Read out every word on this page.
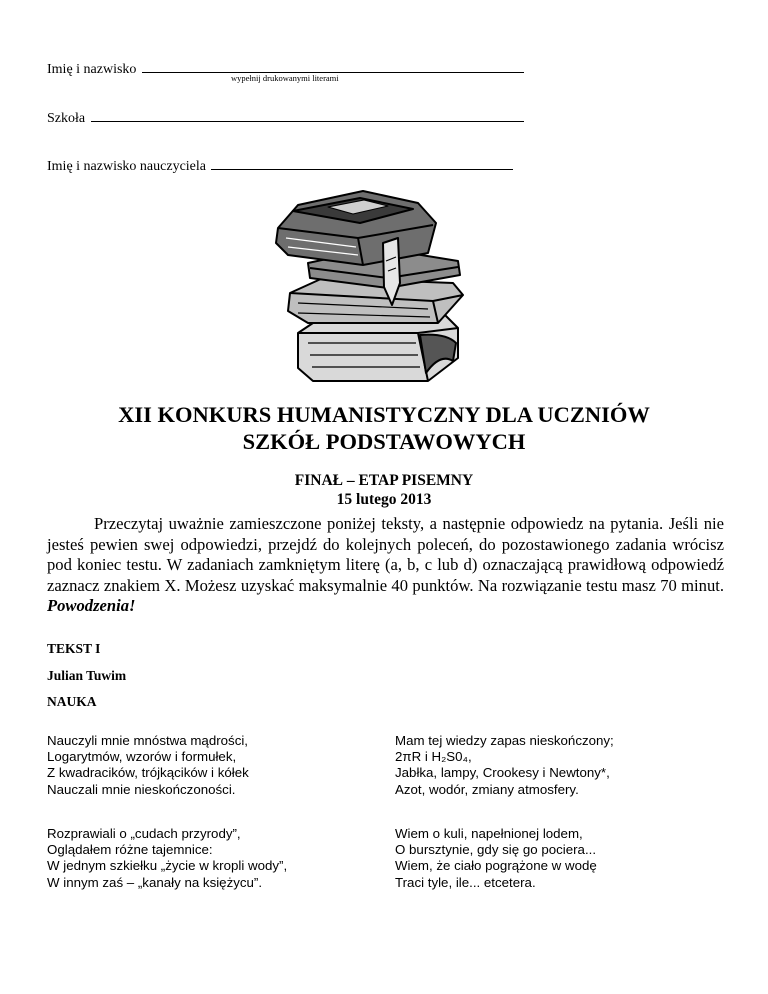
Imię i nazwisko
wypełnij drukowanymi literami
Szkoła
Imię i nazwisko nauczyciela
XII KONKURS HUMANISTYCZNY DLA UCZNIÓW
SZKÓŁ PODSTAWOWYCH
FINAŁ – ETAP PISEMNY
15 lutego 2013

Przeczytaj uważnie zamieszczone poniżej teksty, a następnie odpowiedz na pytania. Jeśli nie jesteś pewien swej odpowiedzi, przejdź do kolejnych poleceń, do pozostawionego zadania wrócisz pod koniec testu. W zadaniach zamkniętym literę (a, b, c lub d) oznaczającą prawidłową odpowiedź zaznacz znakiem X. Możesz uzyskać maksymalnie 40 punktów. Na rozwiązanie testu masz 70 minut. Powodzenia!

TEKST I
Julian Tuwim
NAUKA
Nauczyli mnie mnóstwa mądrości,
Logarytmów, wzorów i formułek,
Z kwadracików, trójkącików i kółek
Nauczali mnie nieskończoności.
Mam tej wiedzy zapas nieskończony;
2πR i H₂S0₄,
Jabłka, lampy, Crookesy i Newtony*,
Azot, wodór, zmiany atmosfery.
Rozprawiali o „cudach przyrody”,
Oglądałem różne tajemnice:
W jednym szkiełku „życie w kropli wody”,
W innym zaś – „kanały na księżycu”.
Wiem o kuli, napełnionej lodem,
O bursztynie, gdy się go pociera...
Wiem, że ciało pogrążone w wodę
Traci tyle, ile... etcetera.
